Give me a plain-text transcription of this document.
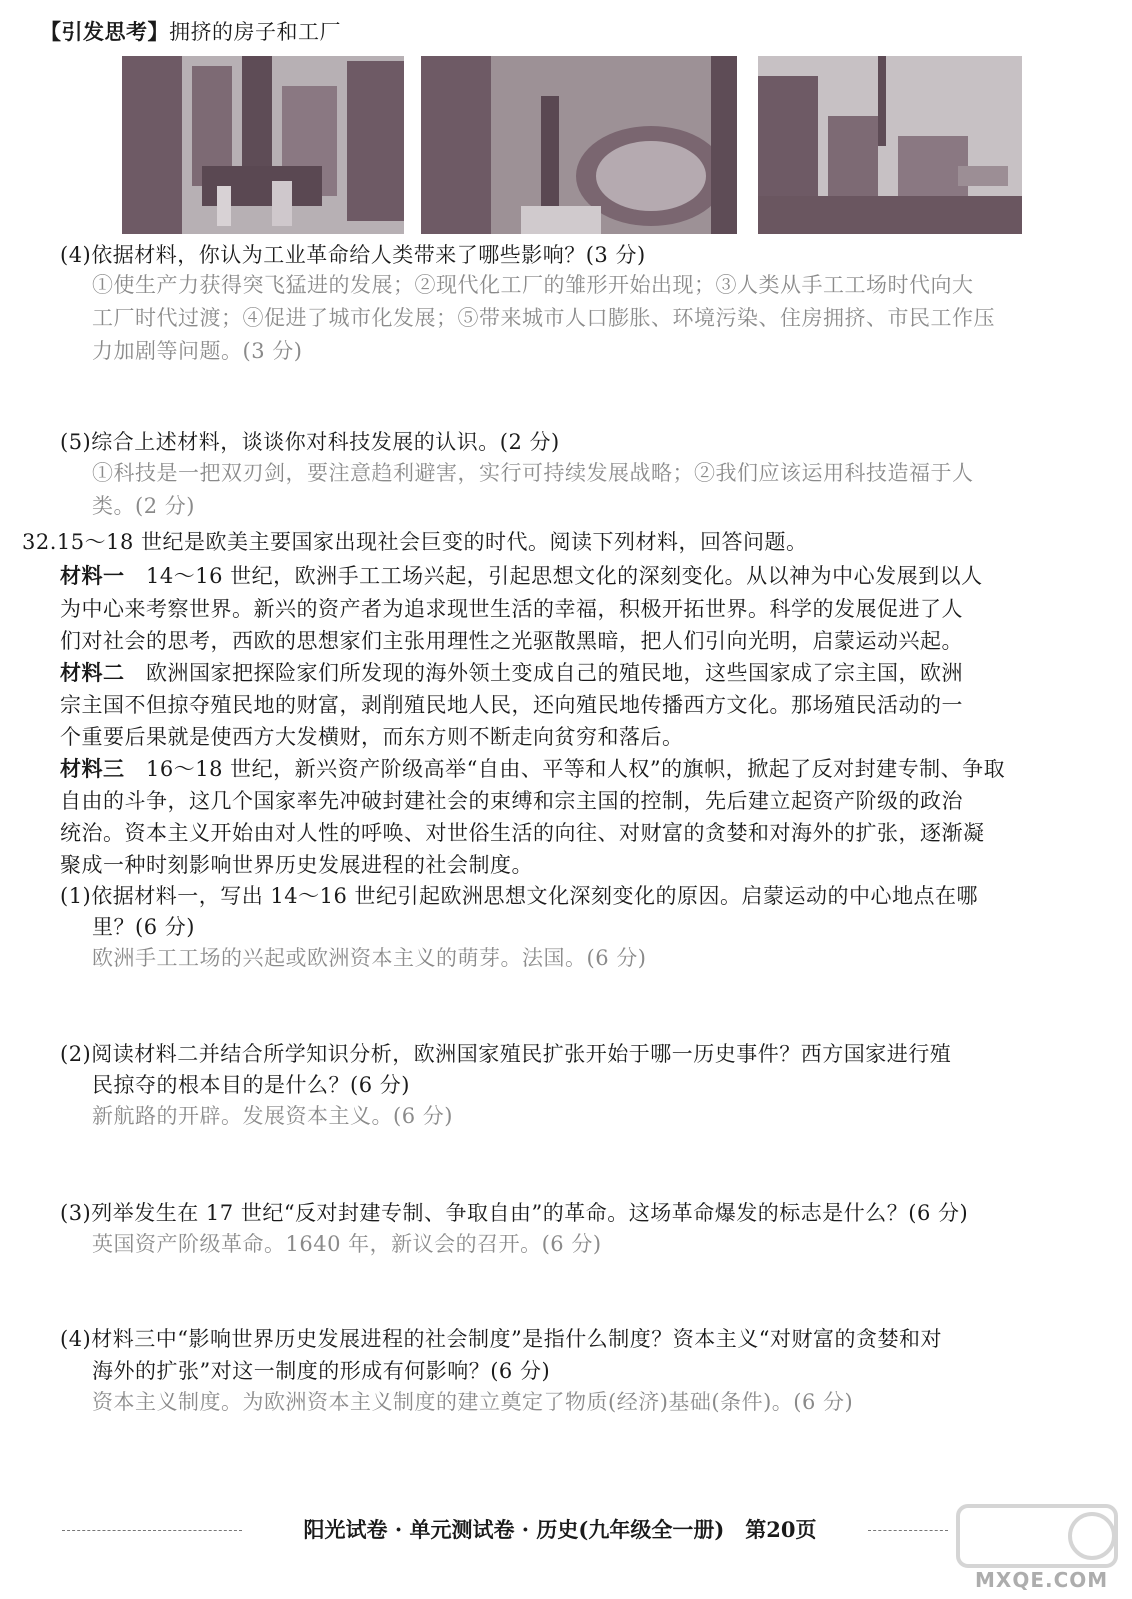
【引发思考】拥挤的房子和工厂
(4)依据材料，你认为工业革命给人类带来了哪些影响？(3 分)
①使生产力获得突飞猛进的发展；②现代化工厂的雏形开始出现；③人类从手工工场时代向大
工厂时代过渡；④促进了城市化发展；⑤带来城市人口膨胀、环境污染、住房拥挤、市民工作压
力加剧等问题。(3 分)
(5)综合上述材料，谈谈你对科技发展的认识。(2 分)
①科技是一把双刃剑，要注意趋利避害，实行可持续发展战略；②我们应该运用科技造福于人
类。(2 分)
32.15～18 世纪是欧美主要国家出现社会巨变的时代。阅读下列材料，回答问题。
材料一 14～16 世纪，欧洲手工工场兴起，引起思想文化的深刻变化。从以神为中心发展到以人
为中心来考察世界。新兴的资产者为追求现世生活的幸福，积极开拓世界。科学的发展促进了人
们对社会的思考，西欧的思想家们主张用理性之光驱散黑暗，把人们引向光明，启蒙运动兴起。
材料二 欧洲国家把探险家们所发现的海外领土变成自己的殖民地，这些国家成了宗主国，欧洲
宗主国不但掠夺殖民地的财富，剥削殖民地人民，还向殖民地传播西方文化。那场殖民活动的一
个重要后果就是使西方大发横财，而东方则不断走向贫穷和落后。
材料三 16～18 世纪，新兴资产阶级高举“自由、平等和人权”的旗帜，掀起了反对封建专制、争取
自由的斗争，这几个国家率先冲破封建社会的束缚和宗主国的控制，先后建立起资产阶级的政治
统治。资本主义开始由对人性的呼唤、对世俗生活的向往、对财富的贪婪和对海外的扩张，逐渐凝
聚成一种时刻影响世界历史发展进程的社会制度。
(1)依据材料一，写出 14～16 世纪引起欧洲思想文化深刻变化的原因。启蒙运动的中心地点在哪
里？(6 分)
欧洲手工工场的兴起或欧洲资本主义的萌芽。法国。(6 分)
(2)阅读材料二并结合所学知识分析，欧洲国家殖民扩张开始于哪一历史事件？西方国家进行殖
民掠夺的根本目的是什么？(6 分)
新航路的开辟。发展资本主义。(6 分)
(3)列举发生在 17 世纪“反对封建专制、争取自由”的革命。这场革命爆发的标志是什么？(6 分)
英国资产阶级革命。1640 年，新议会的召开。(6 分)
(4)材料三中“影响世界历史发展进程的社会制度”是指什么制度？资本主义“对财富的贪婪和对
海外的扩张”对这一制度的形成有何影响？(6 分)
资本主义制度。为欧洲资本主义制度的建立奠定了物质(经济)基础(条件)。(6 分)
阳光试卷 · 单元测试卷 · 历史(九年级全一册)　第20页
MXQE.COM
